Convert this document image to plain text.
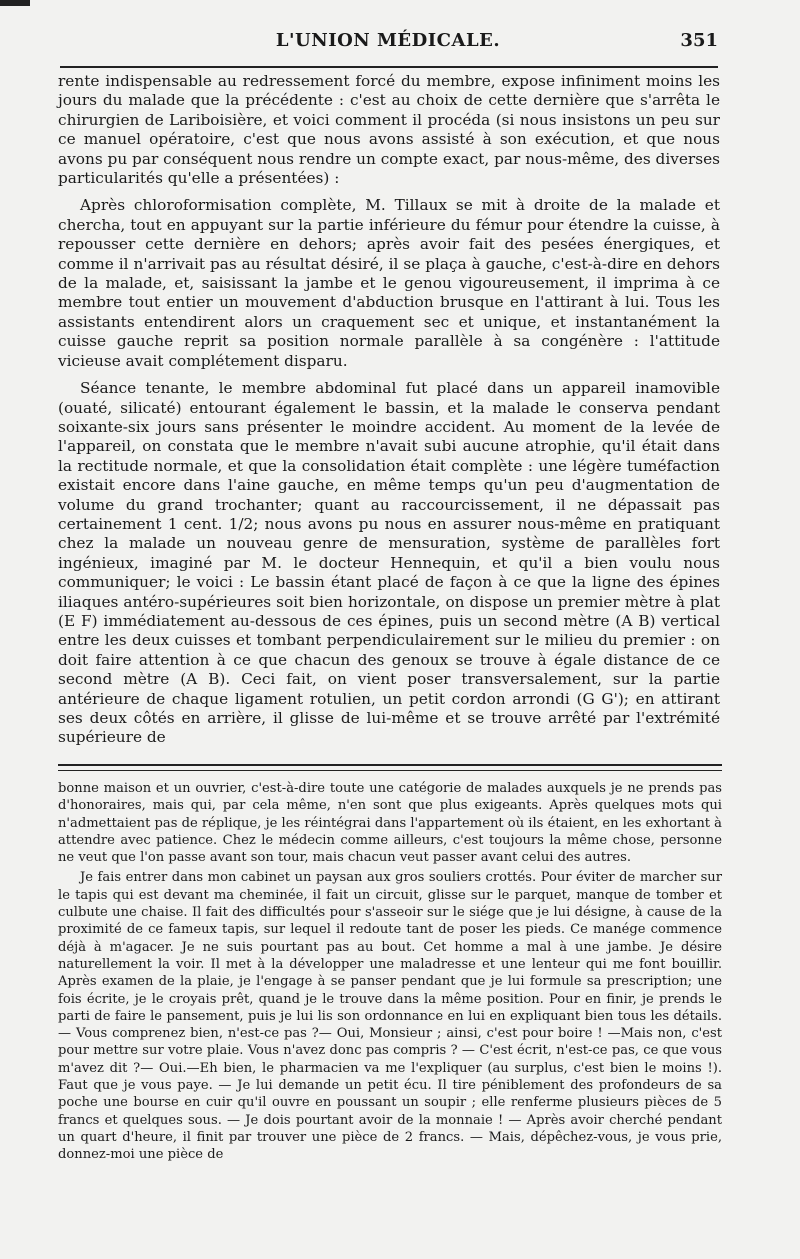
L'UNION MÉDICALE.	351

rente indispensable au redressement forcé du membre, expose infiniment moins les jours du malade que la précédente : c'est au choix de cette dernière que s'arrêta le chirurgien de Lariboisière, et voici comment il procéda (si nous insistons un peu sur ce manuel opératoire, c'est que nous avons assisté à son exécution, et que nous avons pu par conséquent nous rendre un compte exact, par nous-même, des diverses particularités qu'elle a présentées) :

Après chloroformisation complète, M. Tillaux se mit à droite de la malade et chercha, tout en appuyant sur la partie inférieure du fémur pour étendre la cuisse, à repousser cette dernière en dehors; après avoir fait des pesées énergiques, et comme il n'arrivait pas au résultat désiré, il se plaça à gauche, c'est-à-dire en dehors de la malade, et, saisissant la jambe et le genou vigoureusement, il imprima à ce membre tout entier un mouvement d'abduction brusque en l'attirant à lui. Tous les assistants entendirent alors un craquement sec et unique, et instantanément la cuisse gauche reprit sa position normale parallèle à sa congénère : l'attitude vicieuse avait complétement disparu.

Séance tenante, le membre abdominal fut placé dans un appareil inamovible (ouaté, silicaté) entourant également le bassin, et la malade le conserva pendant soixante-six jours sans présenter le moindre accident. Au moment de la levée de l'appareil, on constata que le membre n'avait subi aucune atrophie, qu'il était dans la rectitude normale, et que la consolidation était complète : une légère tuméfaction existait encore dans l'aine gauche, en même temps qu'un peu d'augmentation de volume du grand trochanter; quant au raccourcissement, il ne dépassait pas certainement 1 cent. 1/2; nous avons pu nous en assurer nous-même en pratiquant chez la malade un nouveau genre de mensuration, système de parallèles fort ingénieux, imaginé par M. le docteur Hennequin, et qu'il a bien voulu nous communiquer; le voici : Le bassin étant placé de façon à ce que la ligne des épines iliaques antéro-supérieures soit bien horizontale, on dispose un premier mètre à plat (E F) immédiatement au-dessous de ces épines, puis un second mètre (A B) vertical entre les deux cuisses et tombant perpendiculairement sur le milieu du premier : on doit faire attention à ce que chacun des genoux se trouve à égale distance de ce second mètre (A B). Ceci fait, on vient poser transversalement, sur la partie antérieure de chaque ligament rotulien, un petit cordon arrondi (G G'); en attirant ses deux côtés en arrière, il glisse de lui-même et se trouve arrêté par l'extrémité supérieure de

bonne maison et un ouvrier, c'est-à-dire toute une catégorie de malades auxquels je ne prends pas d'honoraires, mais qui, par cela même, n'en sont que plus exigeants. Après quelques mots qui n'admettaient pas de réplique, je les réintégrai dans l'appartement où ils étaient, en les exhortant à attendre avec patience. Chez le médecin comme ailleurs, c'est toujours la même chose, personne ne veut que l'on passe avant son tour, mais chacun veut passer avant celui des autres.

Je fais entrer dans mon cabinet un paysan aux gros souliers crottés. Pour éviter de marcher sur le tapis qui est devant ma cheminée, il fait un circuit, glisse sur le parquet, manque de tomber et culbute une chaise. Il fait des difficultés pour s'asseoir sur le siége que je lui désigne, à cause de la proximité de ce fameux tapis, sur lequel il redoute tant de poser les pieds. Ce manége commence déjà à m'agacer. Je ne suis pourtant pas au bout. Cet homme a mal à une jambe. Je désire naturellement la voir. Il met à la développer une maladresse et une lenteur qui me font bouillir. Après examen de la plaie, je l'engage à se panser pendant que je lui formule sa prescription; une fois écrite, je le croyais prêt, quand je le trouve dans la même position. Pour en finir, je prends le parti de faire le pansement, puis je lui lis son ordonnance en lui en expliquant bien tous les détails.— Vous comprenez bien, n'est-ce pas ?— Oui, Monsieur ; ainsi, c'est pour boire ! —Mais non, c'est pour mettre sur votre plaie. Vous n'avez donc pas compris ? — C'est écrit, n'est-ce pas, ce que vous m'avez dit ?— Oui.—Eh bien, le pharmacien va me l'expliquer (au surplus, c'est bien le moins !). Faut que je vous paye. — Je lui demande un petit écu. Il tire péniblement des profondeurs de sa poche une bourse en cuir qu'il ouvre en poussant un soupir ; elle renferme plusieurs pièces de 5 francs et quelques sous. — Je dois pourtant avoir de la monnaie ! — Après avoir cherché pendant un quart d'heure, il finit par trouver une pièce de 2 francs. — Mais, dépêchez-vous, je vous prie, donnez-moi une pièce de
